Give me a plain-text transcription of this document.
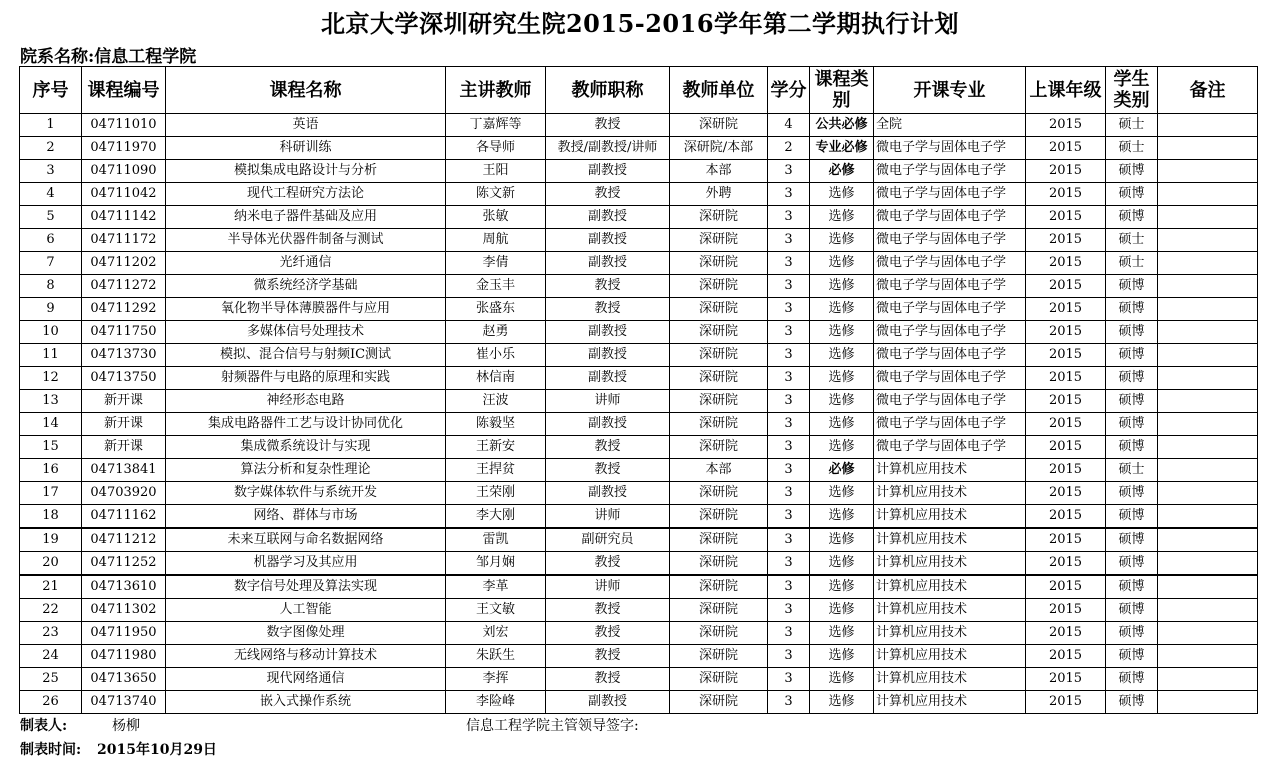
北京大学深圳研究生院2015-2016学年第二学期执行计划
院系名称:信息工程学院
序号	课程编号	课程名称	主讲教师	教师职称	教师单位	学分	课程类别	开课专业	上课年级	学生类别	备注
1	04711010	英语	丁嘉辉等	教授	深研院	4	公共必修	全院	2015	硕士	
2	04711970	科研训练	各导师	教授/副教授/讲师	深研院/本部	2	专业必修	微电子学与固体电子学	2015	硕士	
3	04711090	模拟集成电路设计与分析	王阳	副教授	本部	3	必修	微电子学与固体电子学	2015	硕博	
4	04711042	现代工程研究方法论	陈文新	教授	外聘	3	选修	微电子学与固体电子学	2015	硕博	
5	04711142	纳米电子器件基础及应用	张敏	副教授	深研院	3	选修	微电子学与固体电子学	2015	硕博	
6	04711172	半导体光伏器件制备与测试	周航	副教授	深研院	3	选修	微电子学与固体电子学	2015	硕士	
7	04711202	光纤通信	李倩	副教授	深研院	3	选修	微电子学与固体电子学	2015	硕士	
8	04711272	微系统经济学基础	金玉丰	教授	深研院	3	选修	微电子学与固体电子学	2015	硕博	
9	04711292	氧化物半导体薄膜器件与应用	张盛东	教授	深研院	3	选修	微电子学与固体电子学	2015	硕博	
10	04711750	多媒体信号处理技术	赵勇	副教授	深研院	3	选修	微电子学与固体电子学	2015	硕博	
11	04713730	模拟、混合信号与射频IC测试	崔小乐	副教授	深研院	3	选修	微电子学与固体电子学	2015	硕博	
12	04713750	射频器件与电路的原理和实践	林信南	副教授	深研院	3	选修	微电子学与固体电子学	2015	硕博	
13	新开课	神经形态电路	汪波	讲师	深研院	3	选修	微电子学与固体电子学	2015	硕博	
14	新开课	集成电路器件工艺与设计协同优化	陈毅坚	副教授	深研院	3	选修	微电子学与固体电子学	2015	硕博	
15	新开课	集成微系统设计与实现	王新安	教授	深研院	3	选修	微电子学与固体电子学	2015	硕博	
16	04713841	算法分析和复杂性理论	王捍贫	教授	本部	3	必修	计算机应用技术	2015	硕士	
17	04703920	数字媒体软件与系统开发	王荣刚	副教授	深研院	3	选修	计算机应用技术	2015	硕博	
18	04711162	网络、群体与市场	李大刚	讲师	深研院	3	选修	计算机应用技术	2015	硕博	
19	04711212	未来互联网与命名数据网络	雷凯	副研究员	深研院	3	选修	计算机应用技术	2015	硕博	
20	04711252	机器学习及其应用	邹月娴	教授	深研院	3	选修	计算机应用技术	2015	硕博	
21	04713610	数字信号处理及算法实现	李革	讲师	深研院	3	选修	计算机应用技术	2015	硕博	
22	04711302	人工智能	王文敏	教授	深研院	3	选修	计算机应用技术	2015	硕博	
23	04711950	数字图像处理	刘宏	教授	深研院	3	选修	计算机应用技术	2015	硕博	
24	04711980	无线网络与移动计算技术	朱跃生	教授	深研院	3	选修	计算机应用技术	2015	硕博	
25	04713650	现代网络通信	李挥	教授	深研院	3	选修	计算机应用技术	2015	硕博	
26	04713740	嵌入式操作系统	李险峰	副教授	深研院	3	选修	计算机应用技术	2015	硕博	
制表人:	杨柳	信息工程学院主管领导签字:
制表时间: 2015年10月29日
